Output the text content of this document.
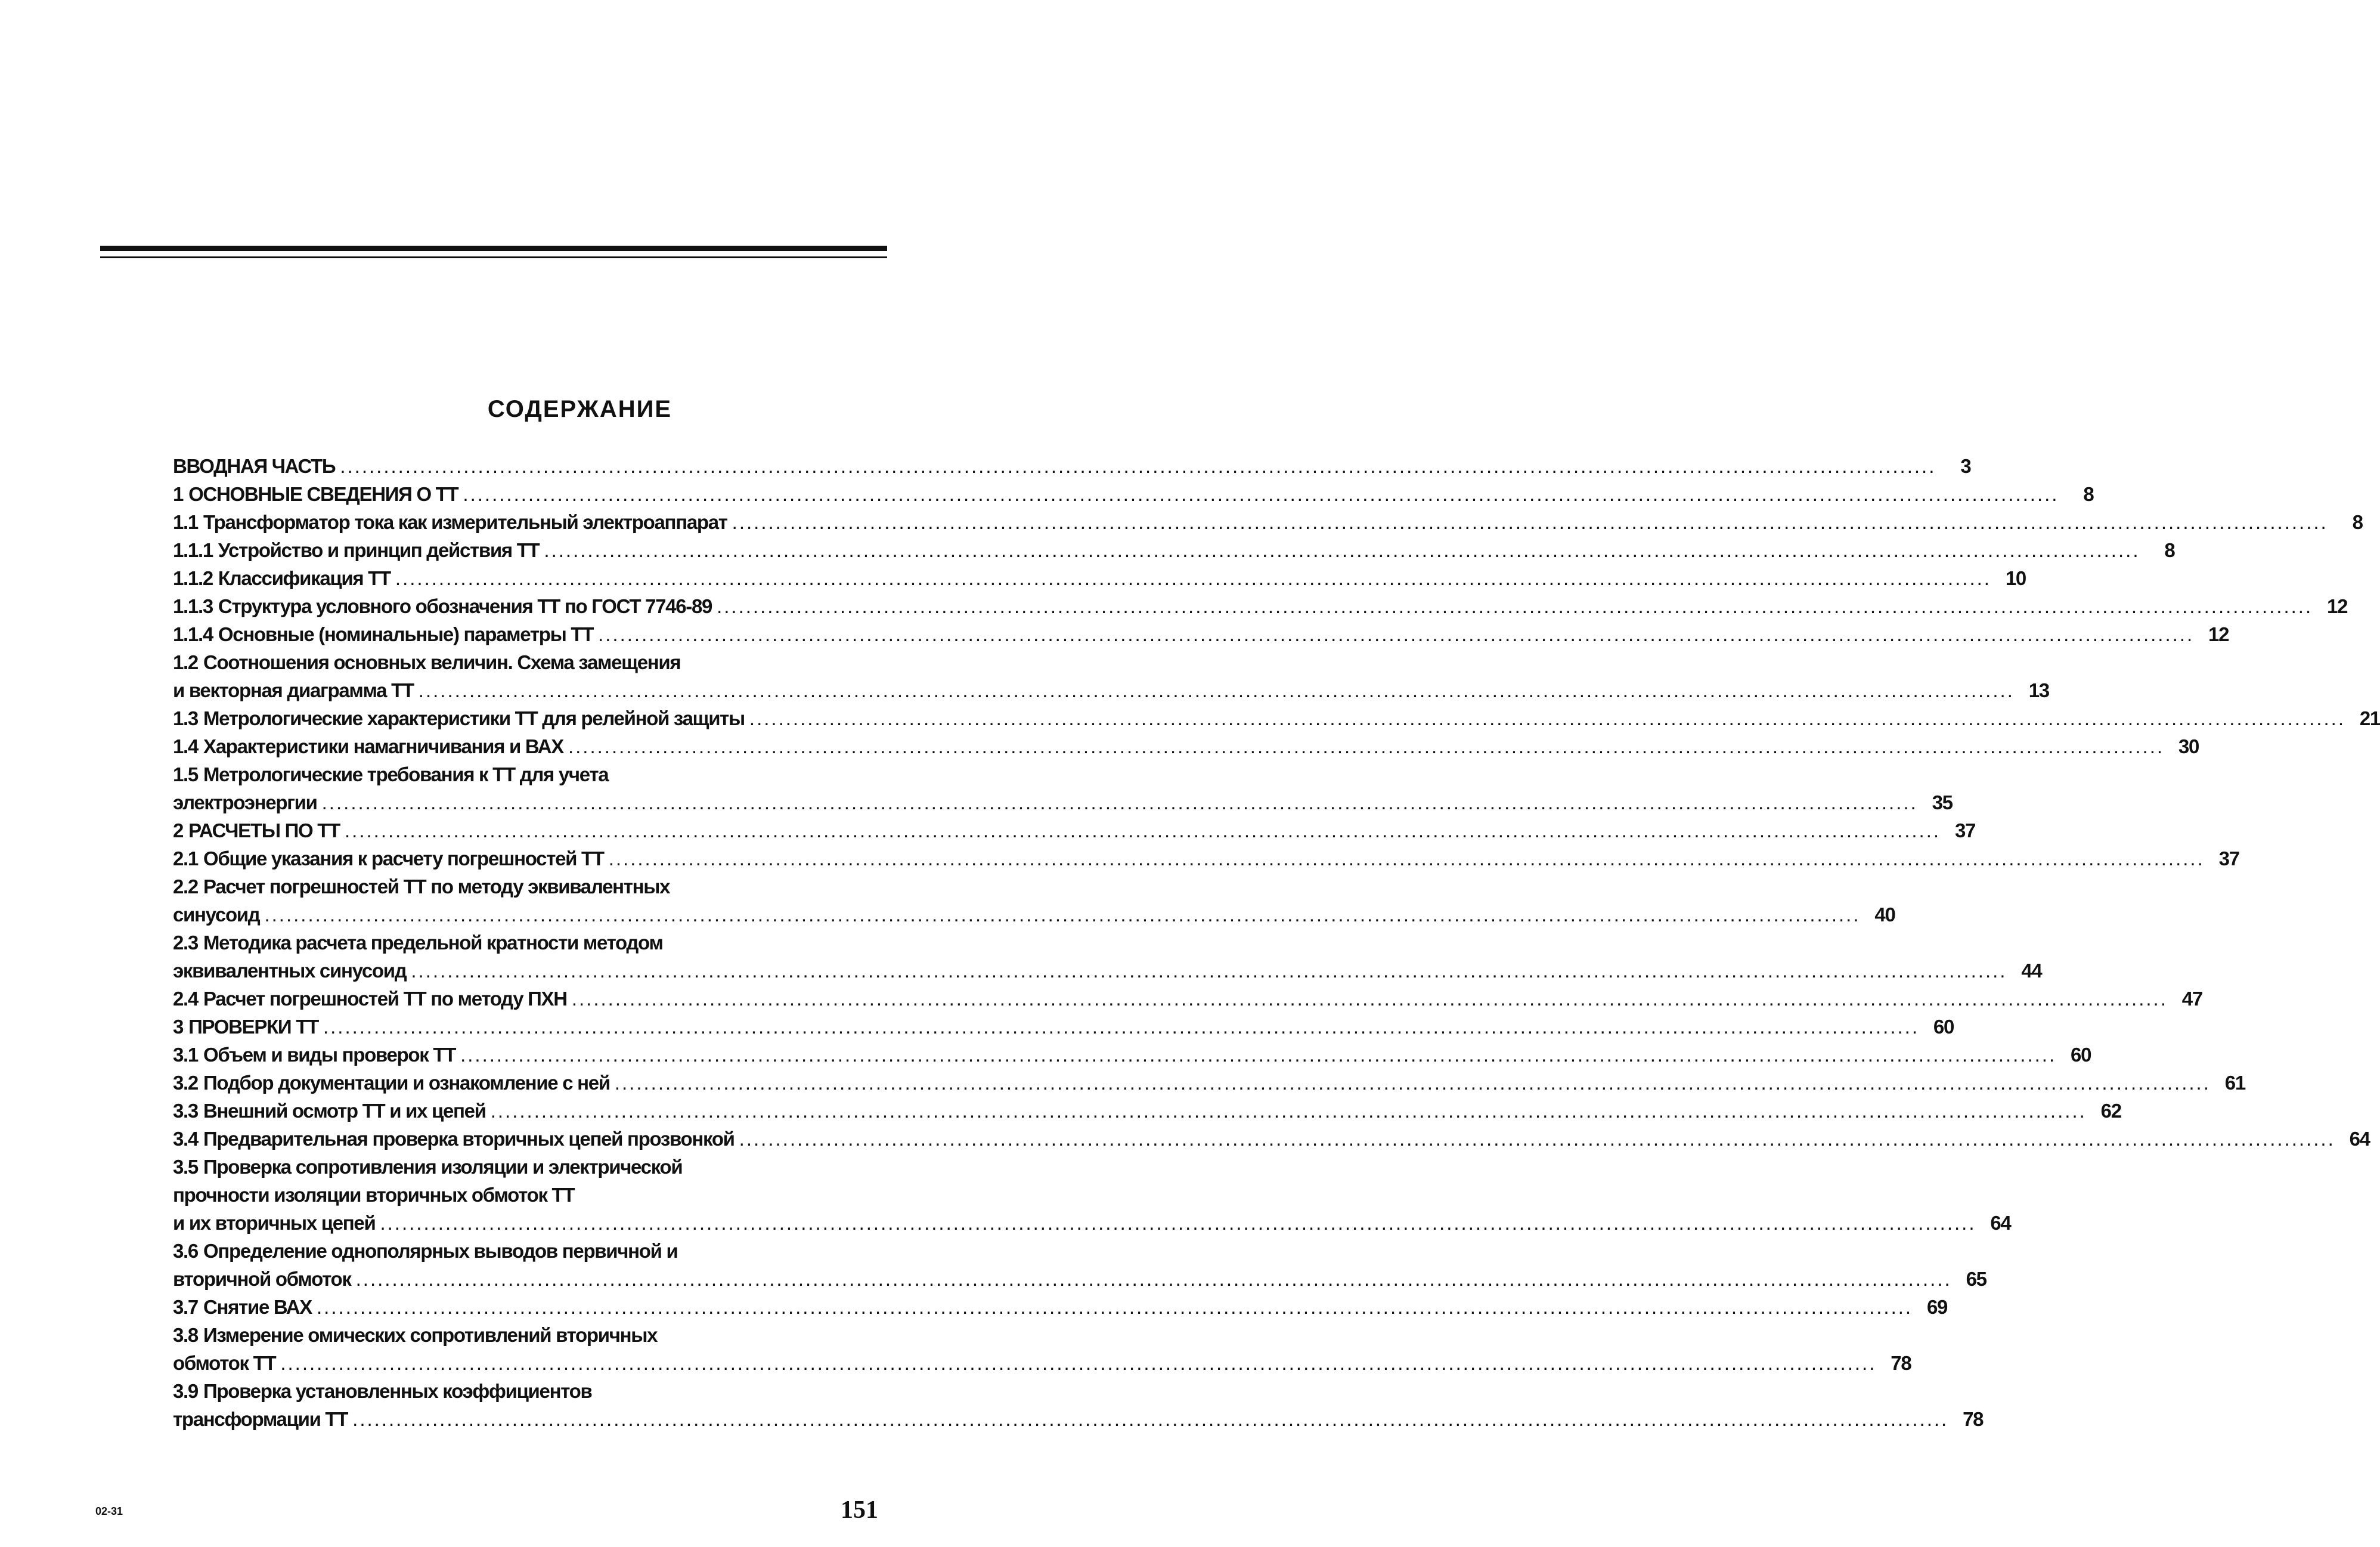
СОДЕРЖАНИЕ
ВВОДНАЯ ЧАСТЬ ............................................................................................................................................................................................................................	3
1 ОСНОВНЫЕ СВЕДЕНИЯ О ТТ ............................................................................................................................................................................................................................	8
1.1 Трансформатор тока как измерительный электроаппарат ............................................................................................................................................................................................................................	8
1.1.1 Устройство и принцип действия ТТ ............................................................................................................................................................................................................................	8
1.1.2 Классификация ТТ ............................................................................................................................................................................................................................ 10
1.1.3 Структура условного обозначения ТТ по ГОСТ 7746-89 ............................................................................................................................................................................................................................ 12
1.1.4 Основные (номинальные) параметры ТТ ............................................................................................................................................................................................................................ 12
1.2 Соотношения основных величин. Схема замещения
и векторная диаграмма ТТ ............................................................................................................................................................................................................................ 13
1.3 Метрологические характеристики ТТ для релейной защиты ............................................................................................................................................................................................................................ 21
1.4 Характеристики намагничивания и ВАХ ............................................................................................................................................................................................................................ 30
1.5 Метрологические требования к ТТ для учета
электроэнергии ............................................................................................................................................................................................................................ 35
2 РАСЧЕТЫ ПО ТТ ............................................................................................................................................................................................................................ 37
2.1 Общие указания к расчету погрешностей ТТ ............................................................................................................................................................................................................................ 37
2.2 Расчет погрешностей ТТ по методу эквивалентных
синусоид ............................................................................................................................................................................................................................ 40
2.3 Методика расчета предельной кратности методом
эквивалентных синусоид ............................................................................................................................................................................................................................ 44
2.4 Расчет погрешностей ТТ по методу ПХН ............................................................................................................................................................................................................................ 47
3 ПРОВЕРКИ ТТ ............................................................................................................................................................................................................................ 60
3.1 Объем и виды проверок ТТ ............................................................................................................................................................................................................................ 60
3.2 Подбор документации и ознакомление с ней ............................................................................................................................................................................................................................ 61
3.3 Внешний осмотр ТТ и их цепей ............................................................................................................................................................................................................................ 62
3.4 Предварительная проверка вторичных цепей прозвонкой ............................................................................................................................................................................................................................ 64
3.5 Проверка сопротивления изоляции и электрической
прочности изоляции вторичных обмоток ТТ
и их вторичных цепей ............................................................................................................................................................................................................................ 64
3.6 Определение однополярных выводов первичной и
вторичной обмоток ............................................................................................................................................................................................................................ 65
3.7 Снятие ВАХ ............................................................................................................................................................................................................................ 69
3.8 Измерение омических сопротивлений вторичных
обмоток ТТ ............................................................................................................................................................................................................................ 78
3.9 Проверка установленных коэффициентов
трансформации ТТ ............................................................................................................................................................................................................................ 78
02-31	151
